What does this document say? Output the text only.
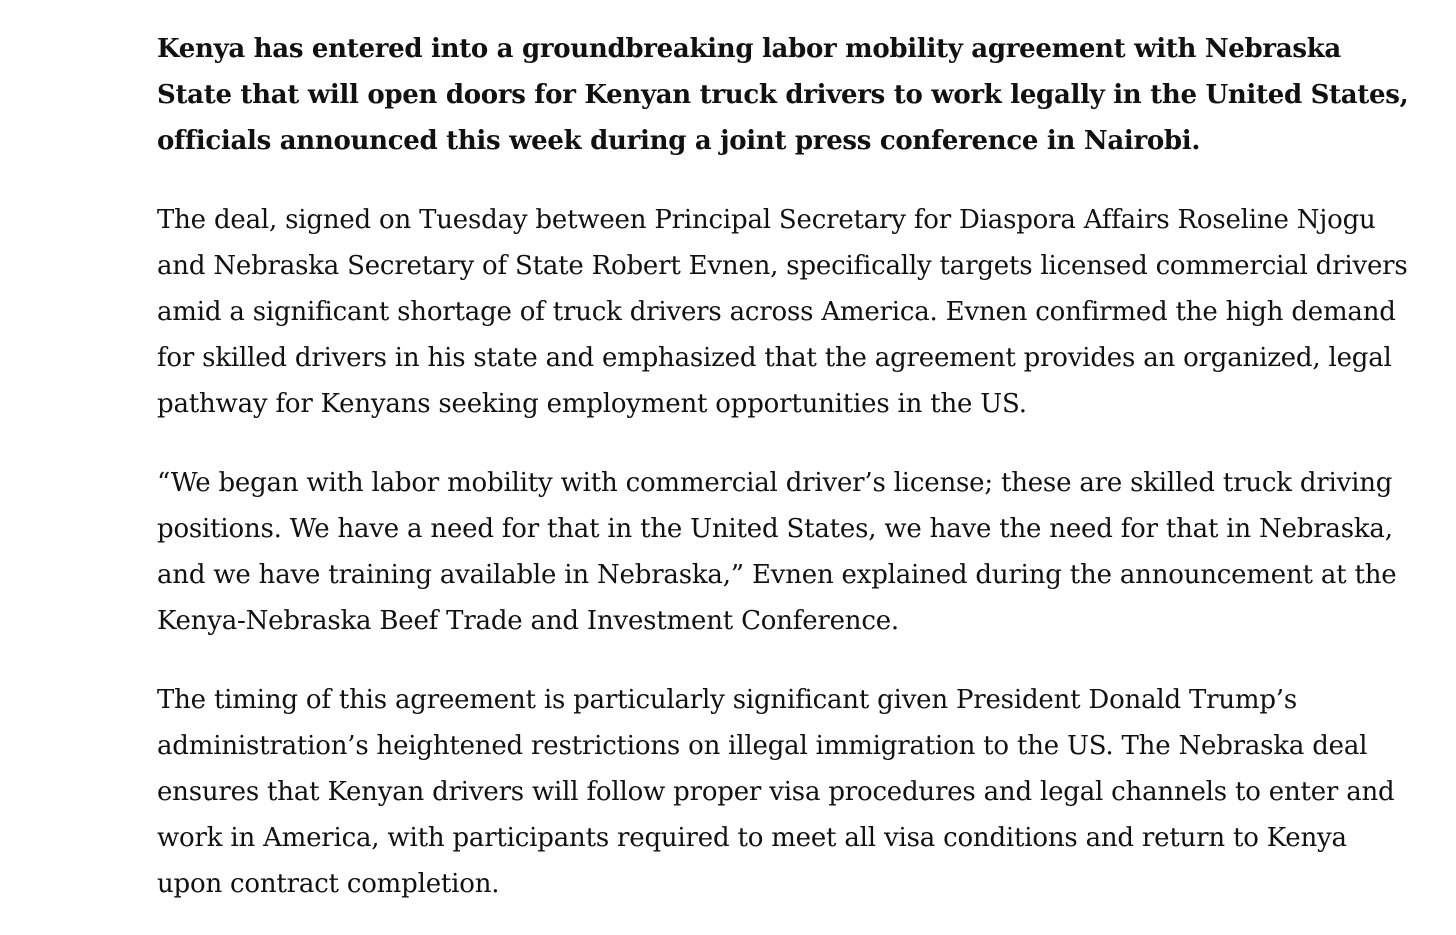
Kenya has entered into a groundbreaking labor mobility agreement with Nebraska
State that will open doors for Kenyan truck drivers to work legally in the United States,
officials announced this week during a joint press conference in Nairobi.

The deal, signed on Tuesday between Principal Secretary for Diaspora Affairs Roseline Njogu
and Nebraska Secretary of State Robert Evnen, specifically targets licensed commercial drivers
amid a significant shortage of truck drivers across America. Evnen confirmed the high demand
for skilled drivers in his state and emphasized that the agreement provides an organized, legal
pathway for Kenyans seeking employment opportunities in the US.

“We began with labor mobility with commercial driver’s license; these are skilled truck driving
positions. We have a need for that in the United States, we have the need for that in Nebraska,
and we have training available in Nebraska,” Evnen explained during the announcement at the
Kenya-Nebraska Beef Trade and Investment Conference.

The timing of this agreement is particularly significant given President Donald Trump’s
administration’s heightened restrictions on illegal immigration to the US. The Nebraska deal
ensures that Kenyan drivers will follow proper visa procedures and legal channels to enter and
work in America, with participants required to meet all visa conditions and return to Kenya
upon contract completion.
